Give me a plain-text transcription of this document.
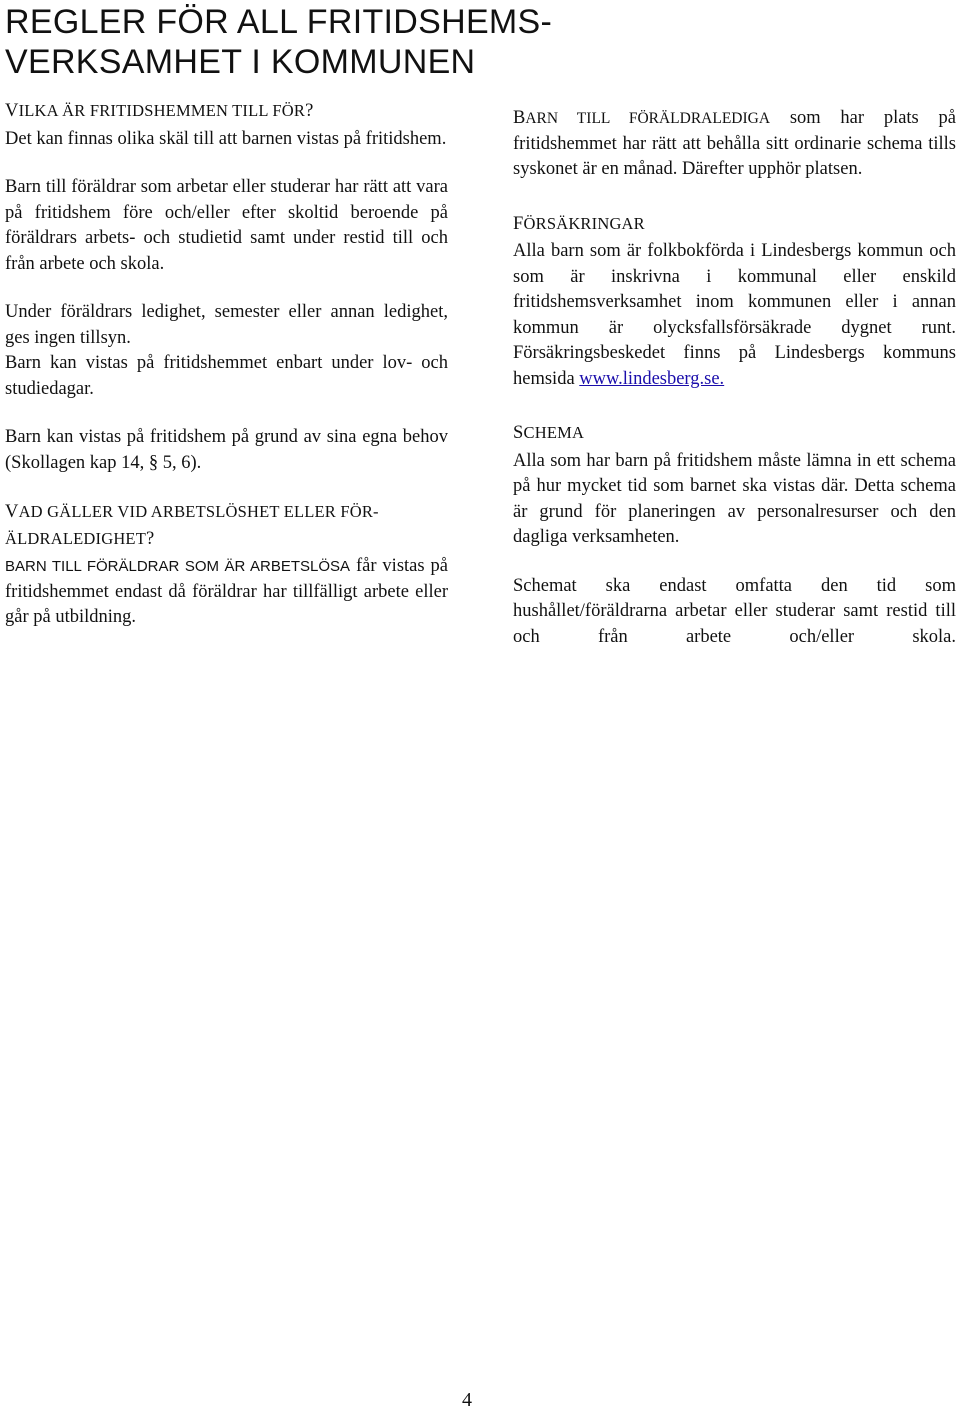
REGLER FÖR ALL FRITIDSHEMS-VERKSAMHET I KOMMUNEN
VILKA ÄR FRITIDSHEMMEN TILL FÖR?

Det kan finnas olika skäl till att barnen vistas på fritidshem.

Barn till föräldrar som arbetar eller studerar har rätt att vara på fritidshem före och/eller efter skoltid beroende på föräldrars arbets- och studietid samt under restid till och från arbete och skola.

Under föräldrars ledighet, semester eller annan ledighet, ges ingen tillsyn.

Barn kan vistas på fritidshemmet enbart under lov- och studiedagar.

Barn kan vistas på fritidshem på grund av sina egna behov (Skollagen kap 14, § 5, 6).

VAD GÄLLER VID ARBETSLÖSHET ELLER FÖR-ÄLDRALEDIGHET?

BARN TILL FÖRÄLDRAR SOM ÄR ARBETSLÖSA får vistas på fritidshemmet endast då föräldrar har tillfälligt arbete eller går på utbildning.

BARN TILL FÖRÄLDRALEDIGA som har plats på fritidshemmet har rätt att behålla sitt ordinarie schema tills syskonet är en månad. Därefter upphör platsen.

FÖRSÄKRINGAR

Alla barn som är folkbokförda i Lindesbergs kommun och som är inskrivna i kommunal eller enskild fritidshemsverksamhet inom kommunen eller i annan kommun är olycksfallsförsäkrade dygnet runt. Försäkringsbeskedet finns på Lindesbergs kommuns hemsida www.lindesberg.se.

SCHEMA

Alla som har barn på fritidshem måste lämna in ett schema på hur mycket tid som barnet ska vistas där. Detta schema är grund för planeringen av personalresurser och den dagliga verksamheten.

Schemat ska endast omfatta den tid som hushållet/föräldrarna arbetar eller studerar samt restid till och från arbete och/eller skola.

4
